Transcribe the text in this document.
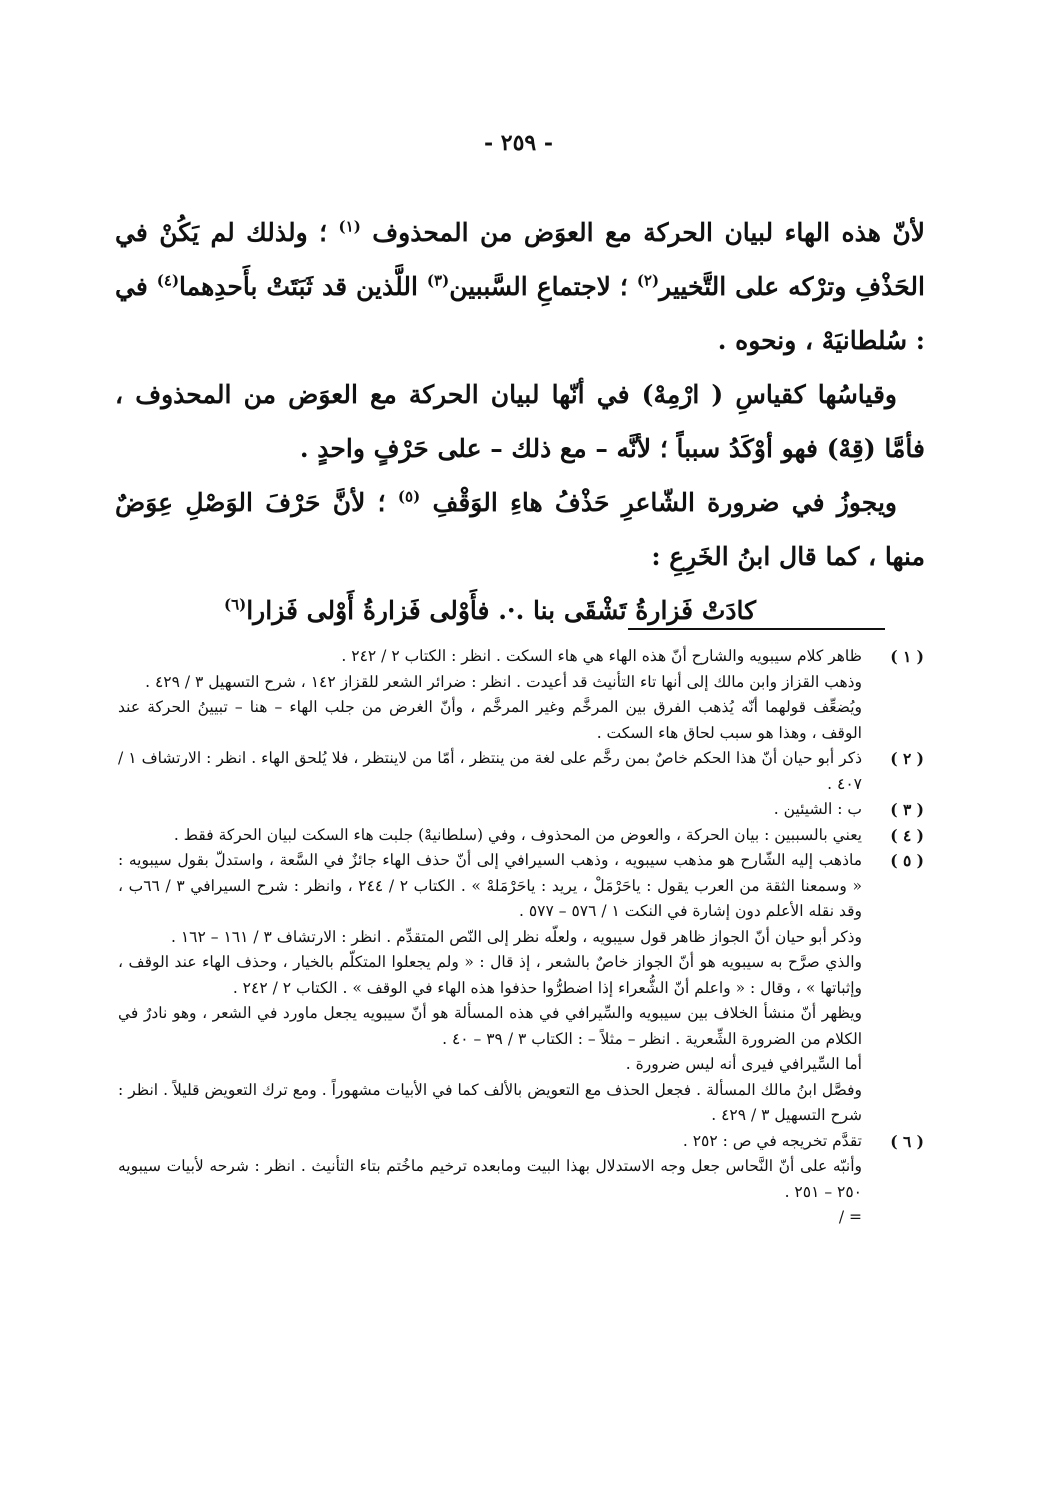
- ٢٥٩ -

لأنّ هذه الهاء لبيان الحركة مع العوَض من المحذوف $^{(١)}$ ؛ ولذلك لم يَكُنْ في الحَذْفِ وترْكه على التَّخيير$^{(٢)}$ ؛ لاجتماعِ السَّببين$^{(٣)}$ اللَّذين قد ثَبَتَتْ بأَحدِهما$^{(٤)}$ في : سُلطانيَهْ ، ونحوه .

وقياسُها كقياسِ ( ارْمِهْ) في أنّها لبيان الحركة مع العوَض من المحذوف ، فأمَّا (قِهْ) فهو أوْكَدُ سبباً ؛ لأنَّه – مع ذلك – على حَرْفٍ واحدٍ .

ويجوزُ في ضرورة الشّاعرِ حَذْفُ هاءِ الوَقْفِ $^{(٥)}$ ؛ لأنَّ حَرْفَ الوَصْلِ عِوَضٌ منها ، كما قال ابنُ الخَرِعِ :

كادَتْ فَزارةُ تَشْقَى بنا .·. فأَوْلى فَزارةُ أَوْلى فَزارا$^{(٦)}$

( ١ )
ظاهر كلام سيبويه والشارح أنّ هذه الهاء هي هاء السكت . انظر : الكتاب ٢ / ٢٤٢ .
وذهب القزاز وابن مالك إلى أنها تاء التأنيث قد أعيدت . انظر : ضرائر الشعر للقزاز ١٤٢ ، شرح التسهيل ٣ / ٤٢٩ .
ويُضعِّف قولهما أنّه يُذهب الفرق بين المرخَّم وغير المرخَّم ، وأنّ الغرض من جلب الهاء – هنا – تبيينُ الحركة عند الوقف ، وهذا هو سبب لحاق هاء السكت .
( ٢ )
ذكر أبو حيان أنّ هذا الحكم خاصٌ بمن رخَّم على لغة من ينتظر ، أمّا من لاينتظر ، فلا يُلحق الهاء . انظر : الارتشاف ١ / ٤٠٧ .
( ٣ )
ب : الشيئين .
( ٤ )
يعني بالسببين : بيان الحركة ، والعوض من المحذوف ، وفي (سلطانيهْ) جلبت هاء السكت لبيان الحركة فقط .
( ٥ )
ماذهب إليه الشّارح هو مذهب سيبويه ، وذهب السيرافي إلى أنّ حذف الهاء جائزٌ في السَّعة ، واستدلّ بقول سيبويه : « وسمعنا الثقة من العرب يقول : ياحَرْمَلْ ، يريد : ياحَرْمَلهْ » . الكتاب ٢ / ٢٤٤ ، وانظر : شرح السيرافي ٣ / ٦٦ب ، وقد نقله الأعلم دون إشارة في النكت ١ / ٥٧٦ – ٥٧٧ .
وذكر أبو حيان أنّ الجواز ظاهر قول سيبويه ، ولعلّه نظر إلى النّص المتقدِّم . انظر : الارتشاف ٣ / ١٦١ – ١٦٢ .
والذي صرَّح به سيبويه هو أنّ الجواز خاصٌ بالشعر ، إذ قال : « ولم يجعلوا المتكلّم بالخيار ، وحذف الهاء عند الوقف ، وإثباتها » ، وقال : « واعلم أنّ الشُّعراء إذا اضطرُّوا حذفوا هذه الهاء في الوقف » . الكتاب ٢ / ٢٤٢ .
ويظهر أنّ منشأ الخلاف بين سيبويه والسِّيرافي في هذه المسألة هو أنّ سيبويه يجعل ماورد في الشعر ، وهو نادرٌ في الكلام من الضرورة الشِّعرية . انظر – مثلاً – : الكتاب ٣ / ٣٩ – ٤٠ .
أما السِّيرافي فيرى أنه ليس ضرورة .
وفصَّل ابنُ مالك المسألة . فجعل الحذف مع التعويض بالألف كما في الأبيات مشهوراً . ومع ترك التعويض قليلاً . انظر : شرح التسهيل ٣ / ٤٢٩ .
( ٦ )
تقدَّم تخريجه في ص : ٢٥٢ .
وأنبّه على أنّ النَّحاس جعل وجه الاستدلال بهذا البيت ومابعده ترخيم ماخُتم بتاء التأنيث . انظر : شرحه لأبيات سيبويه ٢٥٠ – ٢٥١ .
= /
